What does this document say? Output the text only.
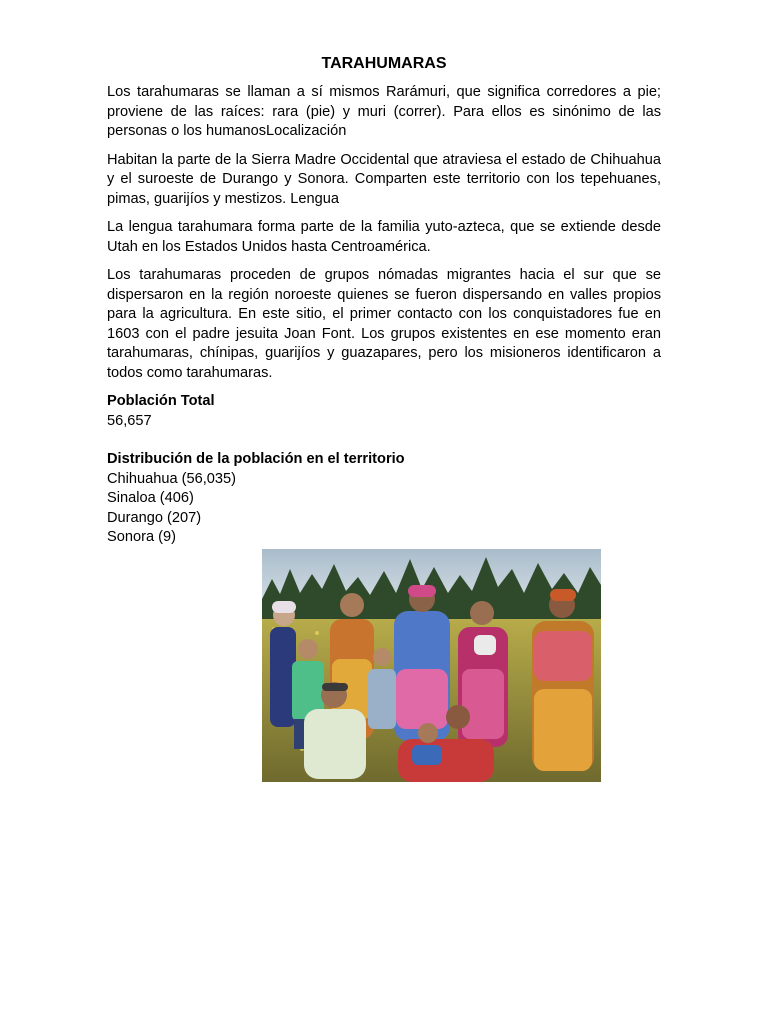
TARAHUMARAS

Los tarahumaras se llaman a sí mismos Rarámuri, que significa corredores a pie; proviene de las raíces: rara (pie) y muri (correr). Para ellos es sinónimo de las personas o los humanosLocalización

Habitan la parte de la Sierra Madre Occidental que atraviesa el estado de Chihuahua y el suroeste de Durango y Sonora. Comparten este territorio con los tepehuanes, pimas, guarijíos y mestizos. Lengua

La lengua tarahumara forma parte de la familia yuto-azteca, que se extiende desde Utah en los Estados Unidos hasta Centroamérica.

Los tarahumaras proceden de grupos nómadas migrantes hacia el sur que se dispersaron en la región noroeste quienes se fueron dispersando en valles propios para la agricultura. En este sitio, el primer contacto con los conquistadores fue en 1603 con el padre jesuita Joan Font. Los grupos existentes en ese momento eran tarahumaras, chínipas, guarijíos y guazapares, pero los misioneros identificaron a todos como tarahumaras.

Población Total
56,657
Distribución de la población en el territorio
Chihuahua (56,035)
Sinaloa (406)
Durango (207)
Sonora (9)
